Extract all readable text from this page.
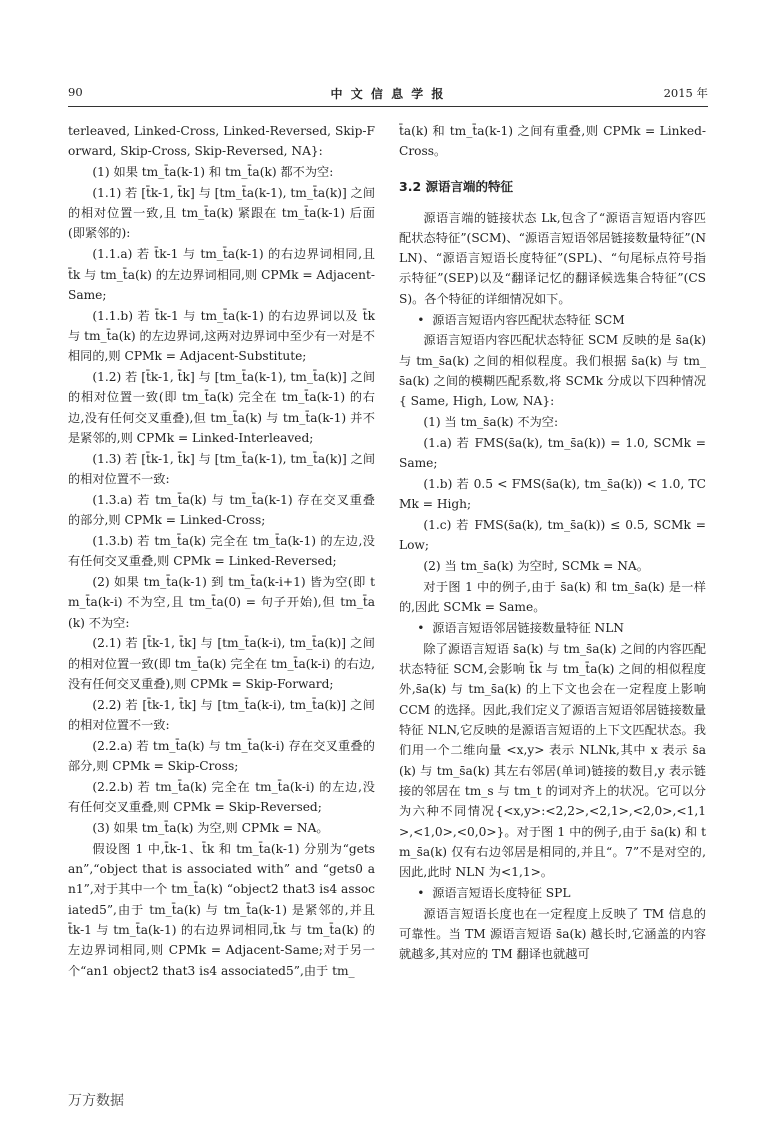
中 文 信 息 学 报
90	2015 年

terleaved, Linked-Cross, Linked-Reversed, Skip-Forward, Skip-Cross, Skip-Reversed, NA}:

(1) 如果 tm_t̄a(k-1) 和 tm_t̄a(k) 都不为空:

(1.1) 若 [t̄k-1, t̄k] 与 [tm_t̄a(k-1), tm_t̄a(k)] 之间的相对位置一致,且 tm_t̄a(k) 紧跟在 tm_t̄a(k-1) 后面(即紧邻的):

(1.1.a) 若 t̄k-1 与 tm_t̄a(k-1) 的右边界词相同,且 t̄k 与 tm_t̄a(k) 的左边界词相同,则 CPMk = Adjacent-Same;

(1.1.b) 若 t̄k-1 与 tm_t̄a(k-1) 的右边界词以及 t̄k 与 tm_t̄a(k) 的左边界词,这两对边界词中至少有一对是不相同的,则 CPMk = Adjacent-Substitute;

(1.2) 若 [t̄k-1, t̄k] 与 [tm_t̄a(k-1), tm_t̄a(k)] 之间的相对位置一致(即 tm_t̄a(k) 完全在 tm_t̄a(k-1) 的右边,没有任何交叉重叠),但 tm_t̄a(k) 与 tm_t̄a(k-1) 并不是紧邻的,则 CPMk = Linked-Interleaved;

(1.3) 若 [t̄k-1, t̄k] 与 [tm_t̄a(k-1), tm_t̄a(k)] 之间的相对位置不一致:

(1.3.a) 若 tm_t̄a(k) 与 tm_t̄a(k-1) 存在交叉重叠的部分,则 CPMk = Linked-Cross;

(1.3.b) 若 tm_t̄a(k) 完全在 tm_t̄a(k-1) 的左边,没有任何交叉重叠,则 CPMk = Linked-Reversed;

(2) 如果 tm_t̄a(k-1) 到 tm_t̄a(k-i+1) 皆为空(即 tm_t̄a(k-i) 不为空,且 tm_t̄a(0) = 句子开始),但 tm_t̄a(k) 不为空:

(2.1) 若 [t̄k-1, t̄k] 与 [tm_t̄a(k-i), tm_t̄a(k)] 之间的相对位置一致(即 tm_t̄a(k) 完全在 tm_t̄a(k-i) 的右边,没有任何交叉重叠),则 CPMk = Skip-Forward;

(2.2) 若 [t̄k-1, t̄k] 与 [tm_t̄a(k-i), tm_t̄a(k)] 之间的相对位置不一致:

(2.2.a) 若 tm_t̄a(k) 与 tm_t̄a(k-i) 存在交叉重叠的部分,则 CPMk = Skip-Cross;

(2.2.b) 若 tm_t̄a(k) 完全在 tm_t̄a(k-i) 的左边,没有任何交叉重叠,则 CPMk = Skip-Reversed;

(3) 如果 tm_t̄a(k) 为空,则 CPMk = NA。

假设图 1 中,t̄k-1、t̄k 和 tm_t̄a(k-1) 分别为“gets an”,“object that is associated with” and “gets0 an1”,对于其中一个 tm_t̄a(k) “object2 that3 is4 associated5”,由于 tm_t̄a(k) 与 tm_t̄a(k-1) 是紧邻的,并且 t̄k-1 与 tm_t̄a(k-1) 的右边界词相同,t̄k 与 tm_t̄a(k) 的左边界词相同,则 CPMk = Adjacent-Same;对于另一个“an1 object2 that3 is4 associated5”,由于 tm_

t̄a(k) 和 tm_t̄a(k-1) 之间有重叠,则 CPMk = Linked-Cross。

3.2 源语言端的特征

源语言端的链接状态 Lk,包含了“源语言短语内容匹配状态特征”(SCM)、“源语言短语邻居链接数量特征”(NLN)、“源语言短语长度特征”(SPL)、“句尾标点符号指示特征”(SEP)以及“翻译记忆的翻译候选集合特征”(CSS)。各个特征的详细情况如下。

•  源语言短语内容匹配状态特征 SCM

源语言短语内容匹配状态特征 SCM 反映的是 s̄a(k) 与 tm_s̄a(k) 之间的相似程度。我们根据 s̄a(k) 与 tm_s̄a(k) 之间的模糊匹配系数,将 SCMk 分成以下四种情况{ Same, High, Low, NA}:

(1) 当 tm_s̄a(k) 不为空:

(1.a) 若 FMS(s̄a(k), tm_s̄a(k)) = 1.0, SCMk = Same;

(1.b) 若 0.5 < FMS(s̄a(k), tm_s̄a(k)) < 1.0, TCMk = High;

(1.c) 若 FMS(s̄a(k), tm_s̄a(k)) ≤ 0.5, SCMk = Low;

(2) 当 tm_s̄a(k) 为空时, SCMk = NA。

对于图 1 中的例子,由于 s̄a(k) 和 tm_s̄a(k) 是一样的,因此 SCMk = Same。

•  源语言短语邻居链接数量特征 NLN

除了源语言短语 s̄a(k) 与 tm_s̄a(k) 之间的内容匹配状态特征 SCM,会影响 t̄k 与 tm_t̄a(k) 之间的相似程度外,s̄a(k) 与 tm_s̄a(k) 的上下文也会在一定程度上影响 CCM 的选择。因此,我们定义了源语言短语邻居链接数量特征 NLN,它反映的是源语言短语的上下文匹配状态。我们用一个二维向量 <x,y> 表示 NLNk,其中 x 表示 s̄a(k) 与 tm_s̄a(k) 其左右邻居(单词)链接的数目,y 表示链接的邻居在 tm_s 与 tm_t 的词对齐上的状况。它可以分为六种不同情况{<x,y>:<2,2>,<2,1>,<2,0>,<1,1>,<1,0>,<0,0>}。对于图 1 中的例子,由于 s̄a(k) 和 tm_s̄a(k) 仅有右边邻居是相同的,并且“。7”不是对空的,因此,此时 NLN 为<1,1>。

•  源语言短语长度特征 SPL

源语言短语长度也在一定程度上反映了 TM 信息的可靠性。当 TM 源语言短语 s̄a(k) 越长时,它涵盖的内容就越多,其对应的 TM 翻译也就越可

万方数据
